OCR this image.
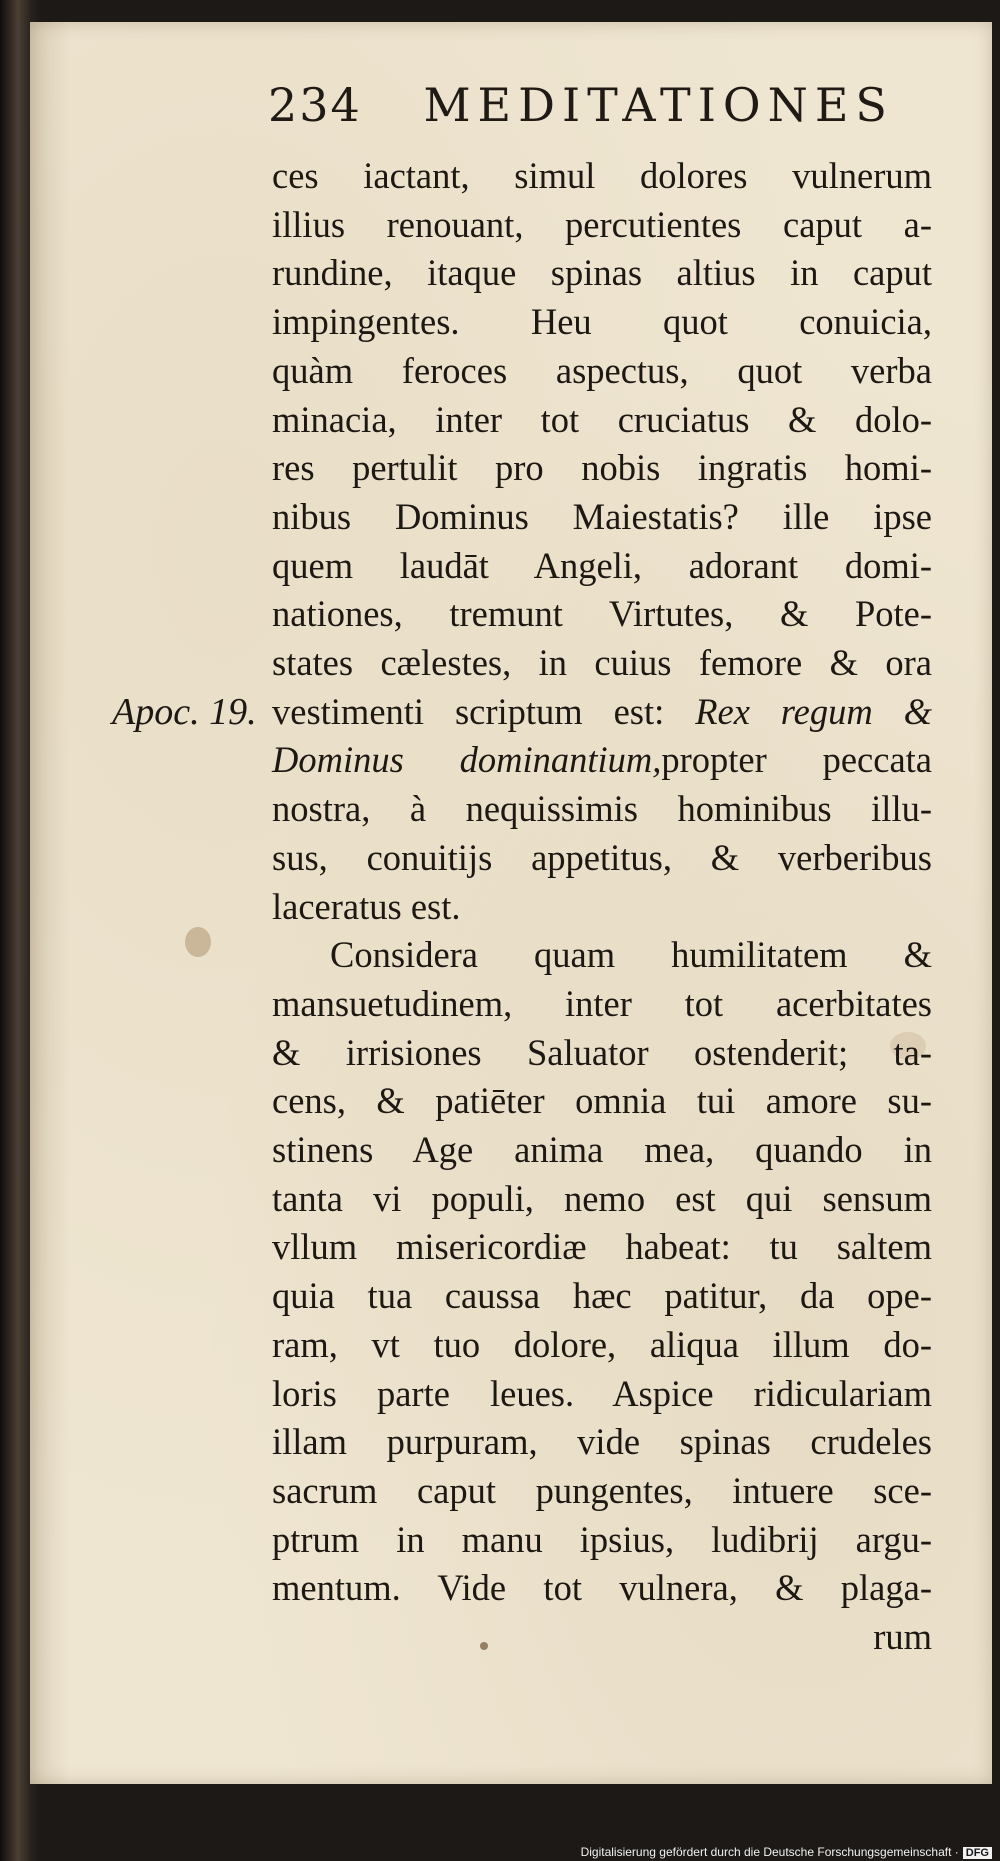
234 MEDITATIONES
Apoc. 19.
ces iactant, simul dolores vulnerum
illius renouant, percutientes caput a-
rundine, itaque spinas altius in caput
impingentes. Heu quot conuicia,
quàm feroces aspectus, quot verba
minacia, inter tot cruciatus & dolo-
res pertulit pro nobis ingratis homi-
nibus Dominus Maiestatis? ille ipse
quem laudāt Angeli, adorant domi-
nationes, tremunt Virtutes, & Pote-
states cælestes, in cuius femore & ora
vestimenti scriptum est: Rex regum &
Dominus dominantium,propter peccata
nostra, à nequissimis hominibus illu-
sus, conuitijs appetitus, & verberibus
laceratus est.
Considera quam humilitatem &
mansuetudinem, inter tot acerbitates
& irrisiones Saluator ostenderit; ta-
cens, & patiēter omnia tui amore su-
stinens Age anima mea, quando in
tanta vi populi, nemo est qui sensum
vllum misericordiæ habeat: tu saltem
quia tua caussa hæc patitur, da ope-
ram, vt tuo dolore, aliqua illum do-
loris parte leues. Aspice ridiculariam
illam purpuram, vide spinas crudeles
sacrum caput pungentes, intuere sce-
ptrum in manu ipsius, ludibrij argu-
mentum. Vide tot vulnera, & plaga-
rum
Digitalisierung gefördert durch die Deutsche Forschungsgemeinschaft · DFG
